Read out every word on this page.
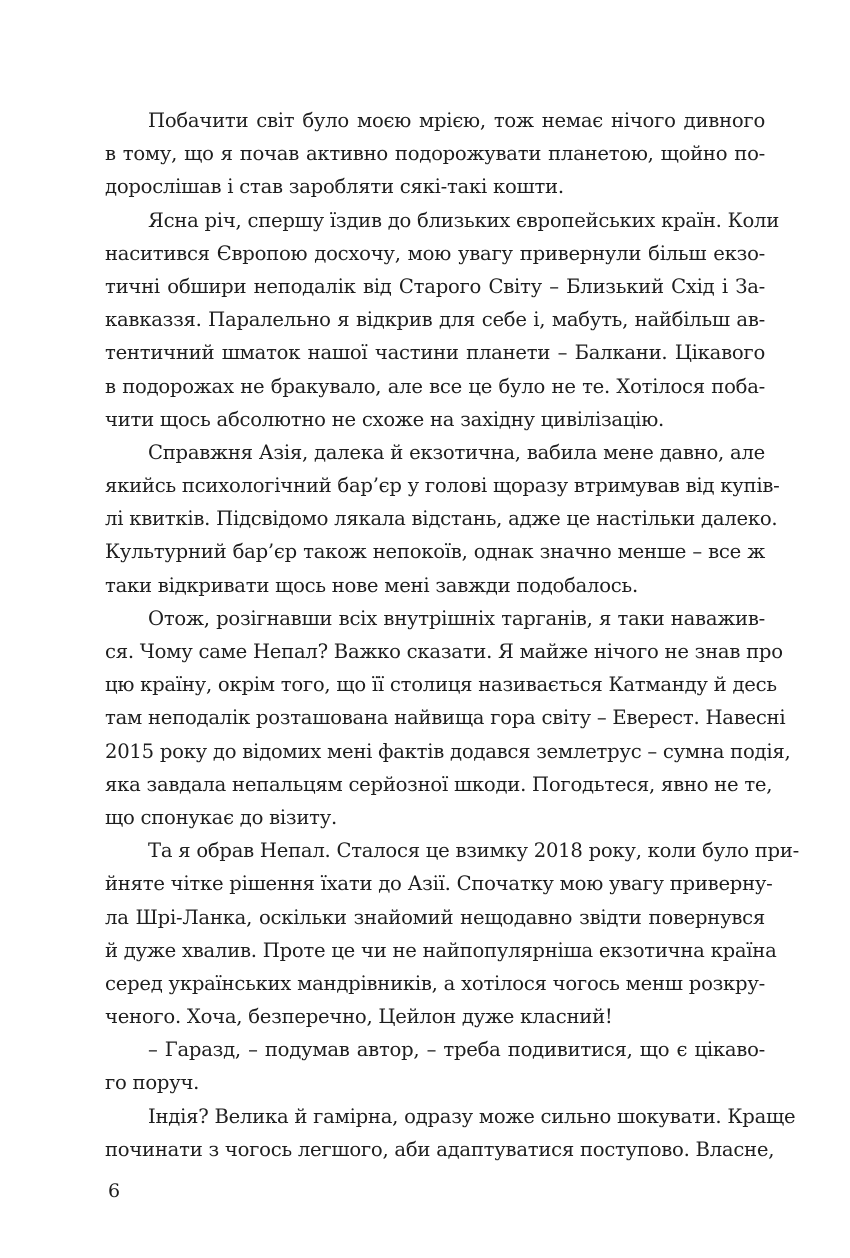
Побачити світ було моєю мрією, тож немає нічого дивного
в тому, що я почав активно подорожувати планетою, щойно по-
дорослішав і став заробляти сякі-такі кошти.
Ясна річ, спершу їздив до близьких європейських країн. Коли
наситився Європою досхочу, мою увагу привернули більш екзо-
тичні обшири неподалік від Старого Світу – Близький Схід і За-
кавказзя. Паралельно я відкрив для себе і, мабуть, найбільш ав-
тентичний шматок нашої частини планети – Балкани. Цікавого
в подорожах не бракувало, але все це було не те. Хотілося поба-
чити щось абсолютно не схоже на західну цивілізацію.
Справжня Азія, далека й екзотична, вабила мене давно, але
якийсь психологічний бар’єр у голові щоразу втримував від купів-
лі квитків. Підсвідомо лякала відстань, адже це настільки далеко.
Культурний бар’єр також непокоїв, однак значно менше – все ж
таки відкривати щось нове мені завжди подобалось.
Отож, розігнавши всіх внутрішніх тарганів, я таки наважив-
ся. Чому саме Непал? Важко сказати. Я майже нічого не знав про
цю країну, окрім того, що її столиця називається Катманду й десь
там неподалік розташована найвища гора світу – Еверест. Навесні
2015 року до відомих мені фактів додався землетрус – сумна подія,
яка завдала непальцям серйозної шкоди. Погодьтеся, явно не те,
що спонукає до візиту.
Та я обрав Непал. Сталося це взимку 2018 року, коли було при-
йняте чітке рішення їхати до Азії. Спочатку мою увагу приверну-
ла Шрі-Ланка, оскільки знайомий нещодавно звідти повернувся
й дуже хвалив. Проте це чи не найпопулярніша екзотична країна
серед українських мандрівників, а хотілося чогось менш розкру-
ченого. Хоча, безперечно, Цейлон дуже класний!
– Гаразд, – подумав автор, – треба подивитися, що є цікаво-
го поруч.
Індія? Велика й гамірна, одразу може сильно шокувати. Краще
починати з чогось легшого, аби адаптуватися поступово. Власне,
6
